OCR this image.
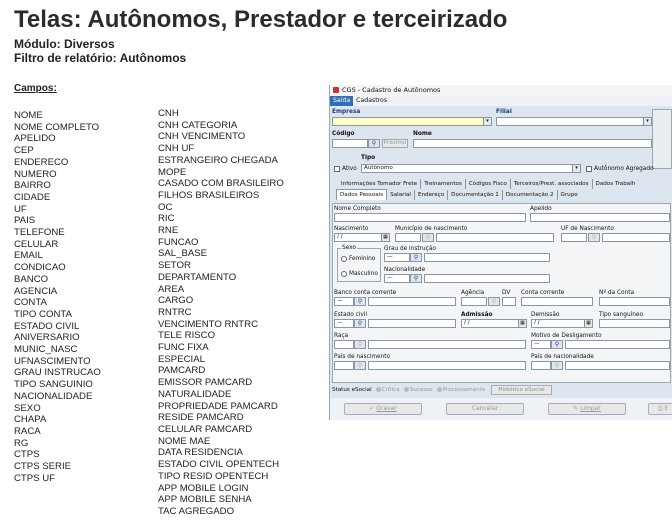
Telas: Autônomos, Prestador e terceirizado
Módulo: Diversos
Filtro de relatório: Autônomos
Campos:
NOME
NOME COMPLETO
APELIDO
CEP
ENDERECO
NUMERO
BAIRRO
CIDADE
UF
PAIS
TELEFONE
CELULAR
EMAIL
CONDICAO
BANCO
AGENCIA
CONTA
TIPO CONTA
ESTADO CIVIL
ANIVERSARIO
MUNIC_NASC
UFNASCIMENTO
GRAU INSTRUCAO
TIPO SANGUINIO
NACIONALIDADE
SEXO
CHAPA
RACA
RG
CTPS
CTPS SERIE
CTPS UF
CNH
CNH CATEGORIA
CNH VENCIMENTO
CNH UF
ESTRANGEIRO CHEGADA
MOPE
CASADO COM BRASILEIRO
FILHOS BRASILEIROS
OC
RIC
RNE
FUNCAO
SAL_BASE
SETOR
DEPARTAMENTO
AREA
CARGO
RNTRC
VENCIMENTO RNTRC
TELE RISCO
FUNC FIXA
ESPECIAL
PAMCARD
EMISSOR PAMCARD
NATURALIDADE
PROPRIEDADE PAMCARD
RESIDE PAMCARD
CELULAR PAMCARD
NOME MAE
DATA RESIDENCIA
ESTADO CIVIL OPENTECH
TIPO RESID OPENTECH
APP MOBILE LOGIN
APP MOBILE SENHA
TAC AGREGADO
CGS - Cadastro de Autônomos
Saída Cadastros
Empresa
▾
Filial
▾
Código
⚲	Próximo
Nome
Ativo
Tipo
Autônomo	▾	Autônomo Agregado
Informações Tomador Frete Treinamentos Códigos Fisco Terceiros/Prest. associados Dados Trabalh
Dados Pessoais Salarial Endereço Documentação 1 Documentação 2 Grupo
Nome Completo	Apelido
Nascimento
/ /	▦
Município de nascimento
⚲
UF de Nascimento
⚲
Sexo
Feminino
Masculino
Grau de instrução
—	⚲
Nacionalidade
—	⚲
Banco conta corrente
—	⚲
Agência
⚲
DV Conta corrente	Nº da Conta
Estado civil
—	⚲
Admissão
/ /	▦
Demissão
/ /	▦
Tipo sanguíneo
Raça
⚲
Motivo de Desligamento
—	⚲
País de nascimento
⚲
País de nacionalidade
⚲
Status eSocial Crítica Sucesso Processamento Histórico eSocial
✓ Gravar	Cancelar	✎ Limpar	⎙ E
